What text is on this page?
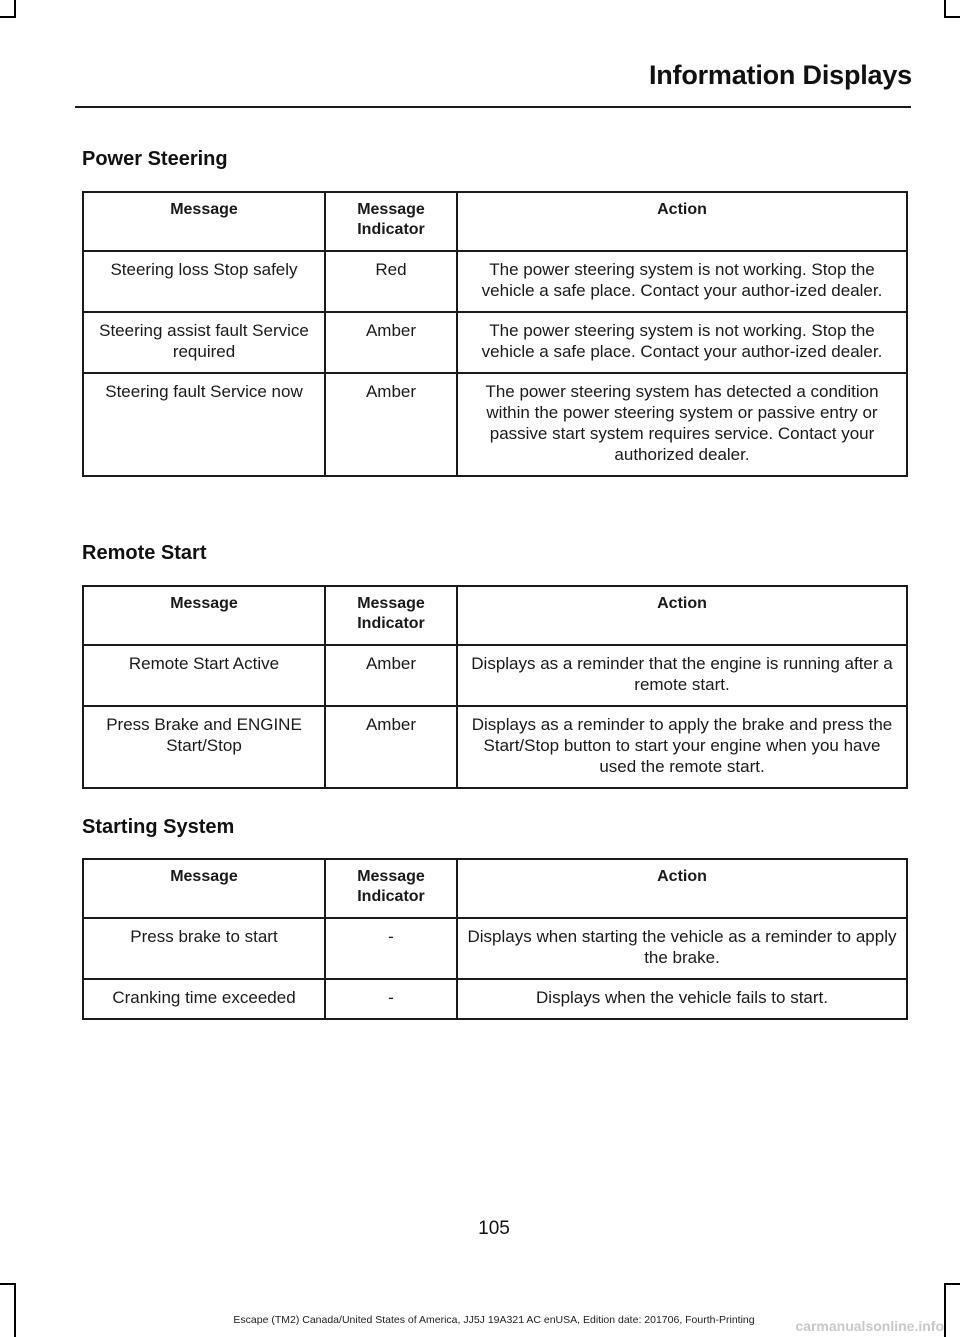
Information Displays
Power Steering
Message	Message Indicator	Action
Steering loss Stop safely	Red	The power steering system is not working. Stop the vehicle a safe place. Contact your author-ized dealer.
Steering assist fault Service required	Amber	The power steering system is not working. Stop the vehicle a safe place. Contact your author-ized dealer.
Steering fault Service now	Amber	The power steering system has detected a condition within the power steering system or passive entry or passive start system requires service. Contact your authorized dealer.
Remote Start
Message	Message Indicator	Action
Remote Start Active	Amber	Displays as a reminder that the engine is running after a remote start.
Press Brake and ENGINE Start/Stop	Amber	Displays as a reminder to apply the brake and press the Start/Stop button to start your engine when you have used the remote start.
Starting System
Message	Message Indicator	Action
Press brake to start	-	Displays when starting the vehicle as a reminder to apply the brake.
Cranking time exceeded	-	Displays when the vehicle fails to start.
105
Escape (TM2) Canada/United States of America, JJ5J 19A321 AC enUSA, Edition date: 201706, Fourth-Printing	carmanualsonline.info
